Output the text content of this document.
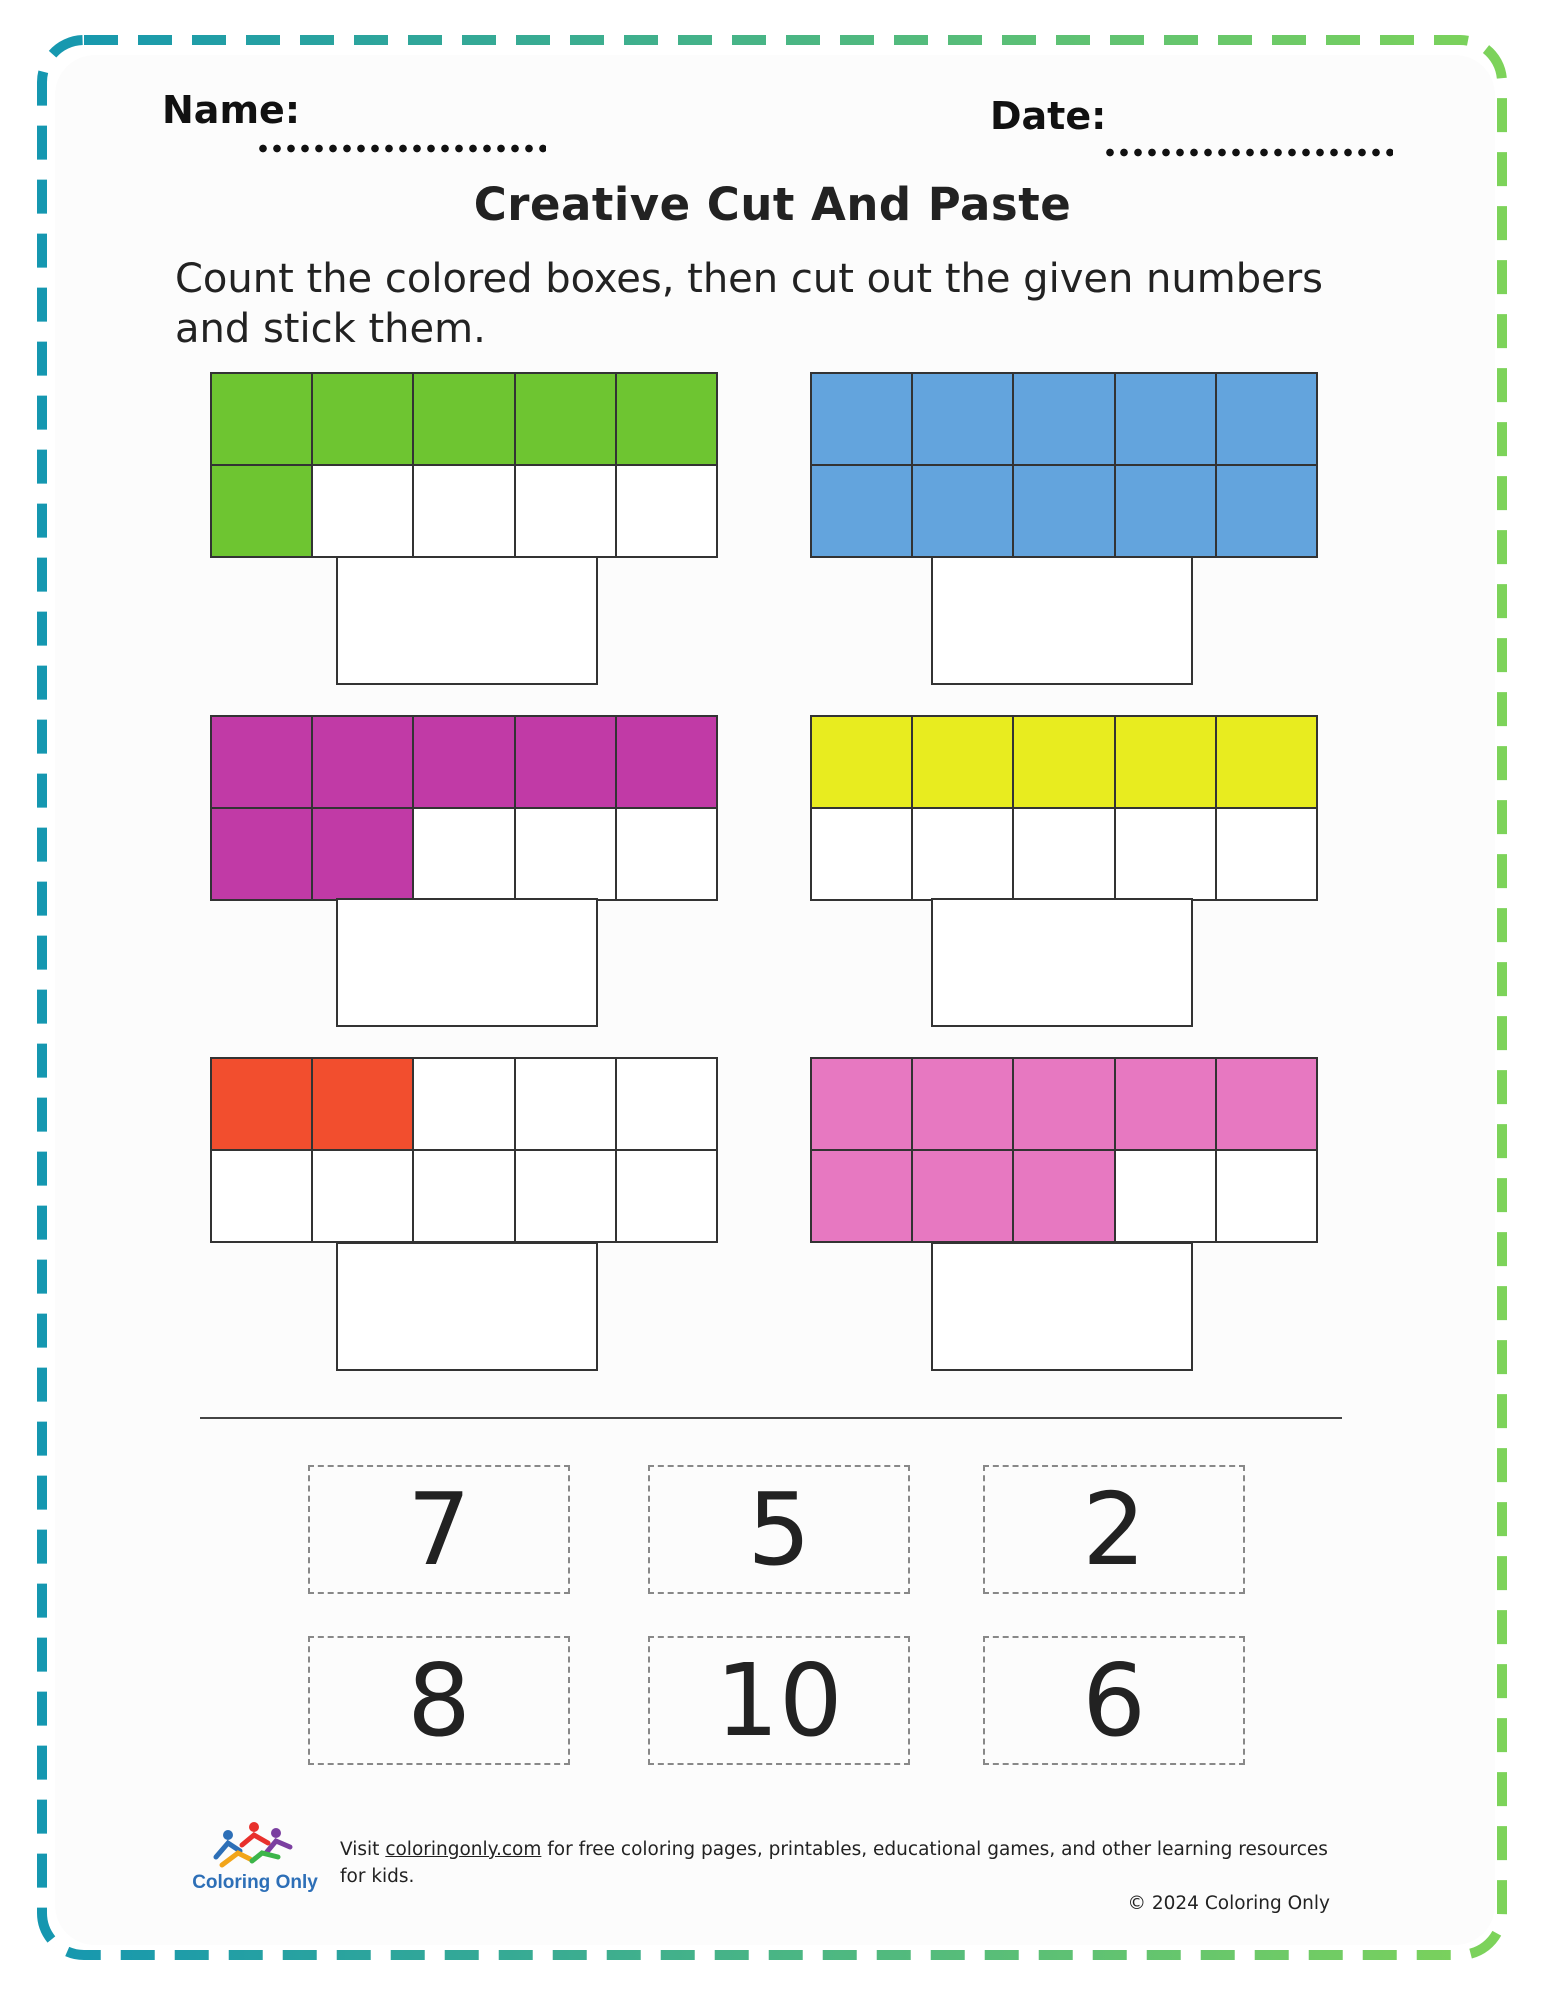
Name:	Date:
Creative Cut And Paste
Count the colored boxes, then cut out the given numbers and stick them.
7	5	2
8 10 6
Coloring Only
Visit coloringonly.com for free coloring pages, printables, educational games, and other learning resources for kids.
© 2024 Coloring Only
